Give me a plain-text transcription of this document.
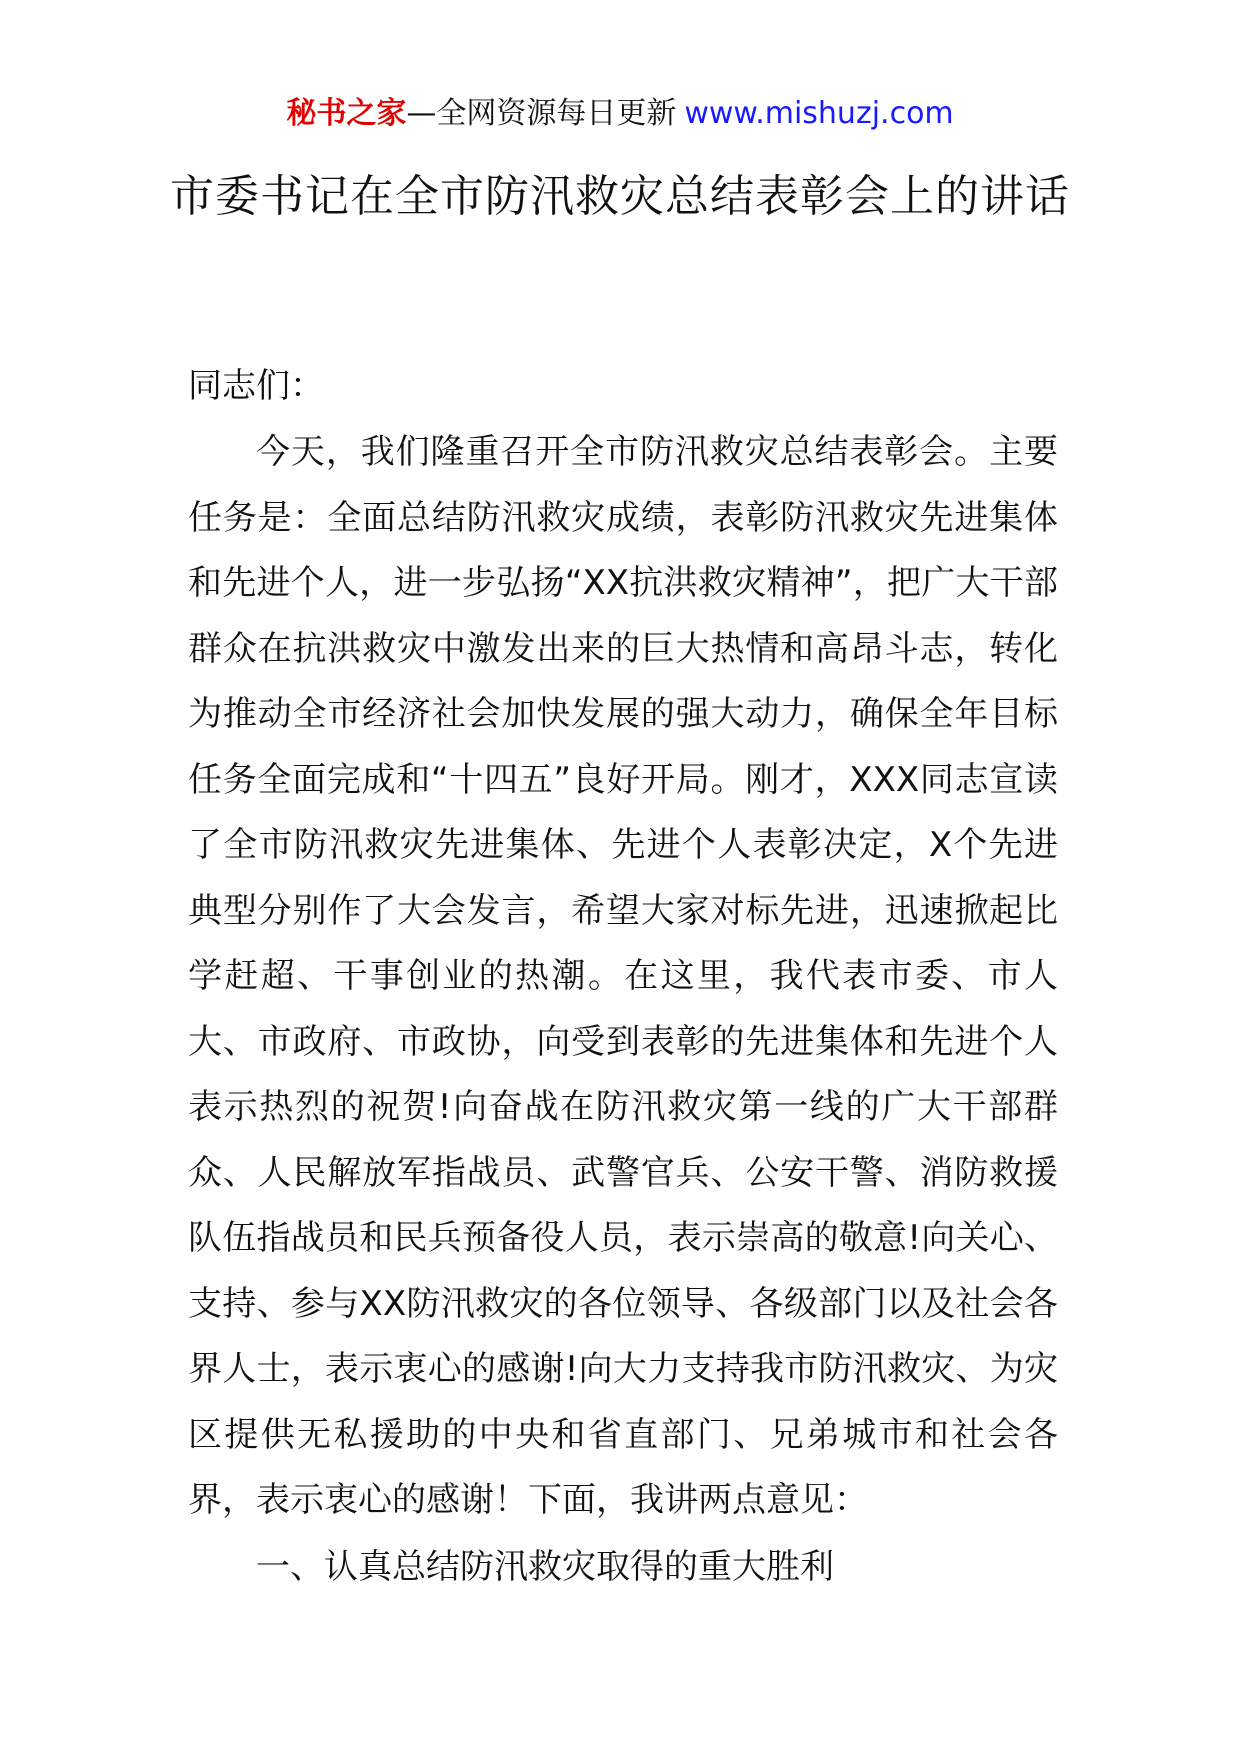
秘书之家—全网资源每日更新 www.mishuzj.com
市委书记在全市防汛救灾总结表彰会上的讲话
同志们：
今天，我们隆重召开全市防汛救灾总结表彰会。主要任务是：全面总结防汛救灾成绩，表彰防汛救灾先进集体和先进个人，进一步弘扬“XX抗洪救灾精神”，把广大干部群众在抗洪救灾中激发出来的巨大热情和高昂斗志，转化为推动全市经济社会加快发展的强大动力，确保全年目标任务全面完成和“十四五”良好开局。刚才，XXX同志宣读了全市防汛救灾先进集体、先进个人表彰决定，X个先进典型分别作了大会发言，希望大家对标先进，迅速掀起比学赶超、干事创业的热潮。在这里，我代表市委、市人大、市政府、市政协，向受到表彰的先进集体和先进个人表示热烈的祝贺!向奋战在防汛救灾第一线的广大干部群众、人民解放军指战员、武警官兵、公安干警、消防救援队伍指战员和民兵预备役人员，表示崇高的敬意!向关心、支持、参与XX防汛救灾的各位领导、各级部门以及社会各界人士，表示衷心的感谢!向大力支持我市防汛救灾、为灾区提供无私援助的中央和省直部门、兄弟城市和社会各界，表示衷心的感谢！下面，我讲两点意见：
一、认真总结防汛救灾取得的重大胜利
